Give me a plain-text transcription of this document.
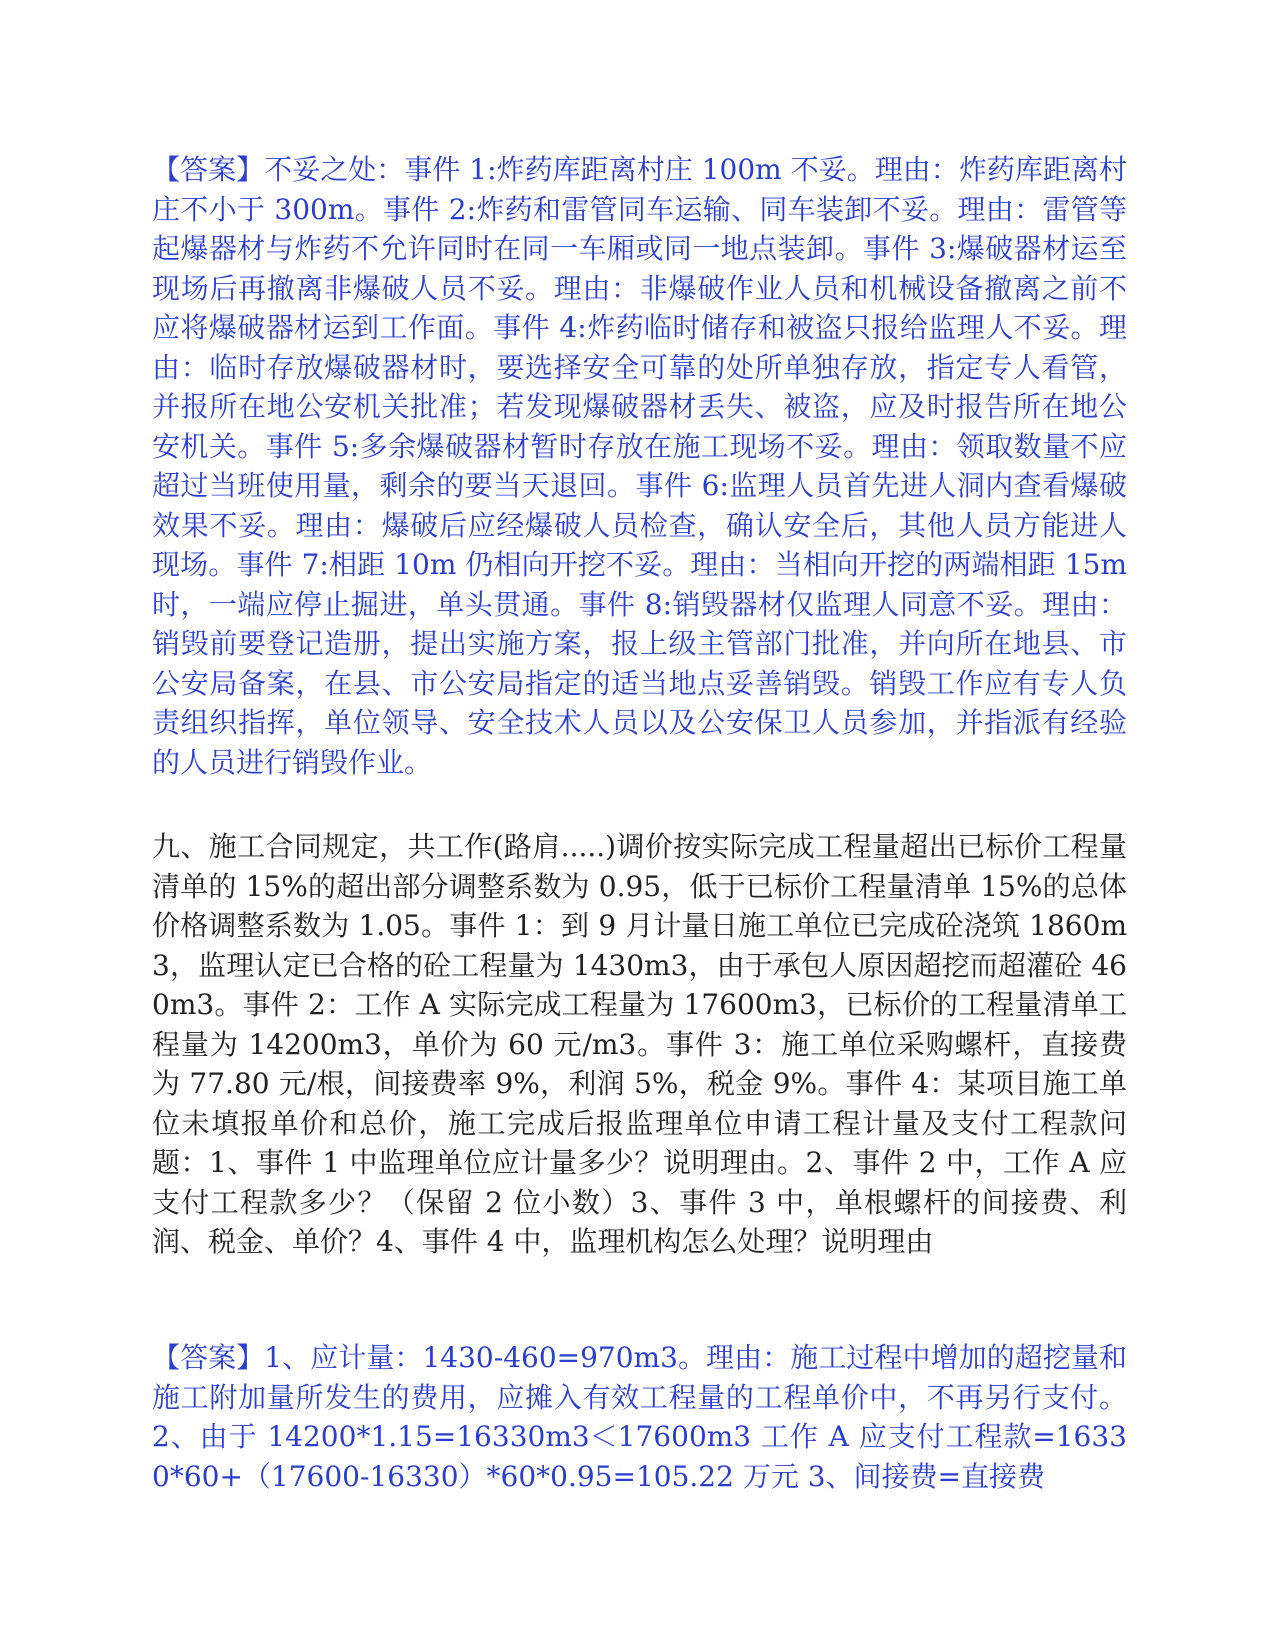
【答案】不妥之处：事件 1:炸药库距离村庄 100m 不妥。理由：炸药库距离村庄不小于 300m。事件 2:炸药和雷管同车运输、同车装卸不妥。理由：雷管等起爆器材与炸药不允许同时在同一车厢或同一地点装卸。事件 3:爆破器材运至现场后再撤离非爆破人员不妥。理由：非爆破作业人员和机械设备撤离之前不应将爆破器材运到工作面。事件 4:炸药临时储存和被盗只报给监理人不妥。理由：临时存放爆破器材时，要选择安全可靠的处所单独存放，指定专人看管，并报所在地公安机关批准；若发现爆破器材丢失、被盗，应及时报告所在地公安机关。事件 5:多余爆破器材暂时存放在施工现场不妥。理由：领取数量不应超过当班使用量，剩余的要当天退回。事件 6:监理人员首先进人洞内查看爆破效果不妥。理由：爆破后应经爆破人员检查，确认安全后，其他人员方能进人现场。事件 7:相距 10m 仍相向开挖不妥。理由：当相向开挖的两端相距 15m 时，一端应停止掘进，单头贯通。事件 8:销毁器材仅监理人同意不妥。理由：销毁前要登记造册，提出实施方案，报上级主管部门批准，并向所在地县、市公安局备案，在县、市公安局指定的适当地点妥善销毁。销毁工作应有专人负责组织指挥，单位领导、安全技术人员以及公安保卫人员参加，并指派有经验的人员进行销毁作业。

九、施工合同规定，共工作(路肩.....)调价按实际完成工程量超出已标价工程量清单的 15%的超出部分调整系数为 0.95，低于已标价工程量清单 15%的总体价格调整系数为 1.05。事件 1：到 9 月计量日施工单位已完成砼浇筑 1860m3，监理认定已合格的砼工程量为 1430m3，由于承包人原因超挖而超灌砼 460m3。事件 2：工作 A 实际完成工程量为 17600m3，已标价的工程量清单工程量为 14200m3，单价为 60 元/m3。事件 3：施工单位采购螺杆，直接费为 77.80 元/根，间接费率 9%，利润 5%，税金 9%。事件 4：某项目施工单位未填报单价和总价，施工完成后报监理单位申请工程计量及支付工程款问题：1、事件 1 中监理单位应计量多少？说明理由。2、事件 2 中，工作 A 应支付工程款多少？（保留 2 位小数）3、事件 3 中，单根螺杆的间接费、利润、税金、单价？4、事件 4 中，监理机构怎么处理？说明理由

【答案】1、应计量：1430-460=970m3。理由：施工过程中增加的超挖量和施工附加量所发生的费用，应摊入有效工程量的工程单价中，不再另行支付。2、由于 14200*1.15=16330m3＜17600m3 工作 A 应支付工程款=16330*60+（17600-16330）*60*0.95=105.22 万元 3、间接费=直接费
